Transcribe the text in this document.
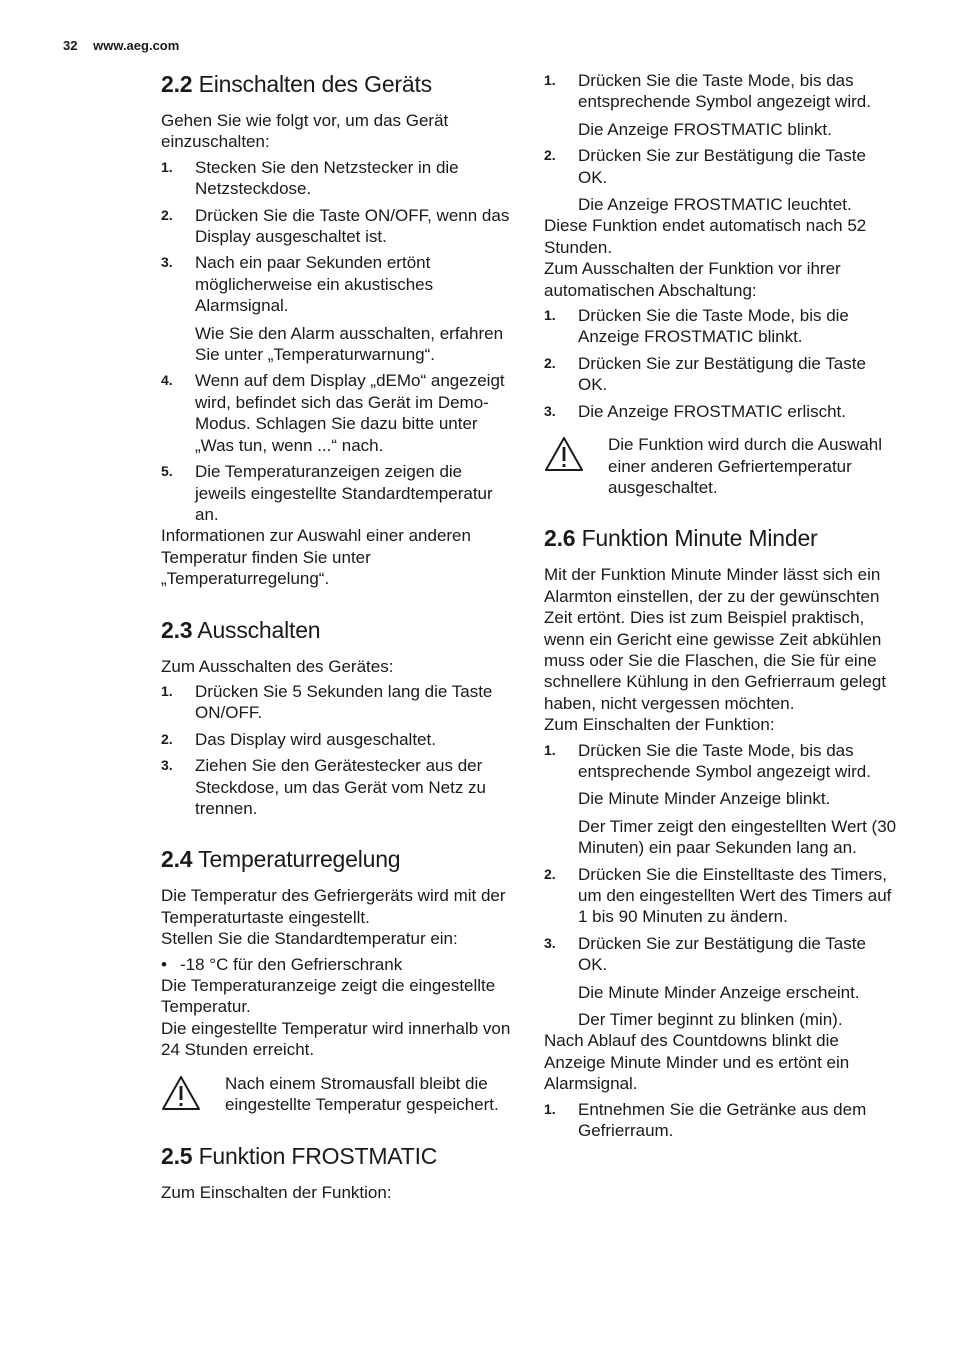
32 www.aeg.com
2.2 Einschalten des Geräts

Gehen Sie wie folgt vor, um das Gerät einzuschalten:

1.	Stecken Sie den Netzstecker in die Netzsteckdose.
2.	Drücken Sie die Taste ON/OFF, wenn das Display ausgeschaltet ist.
3.	Nach ein paar Sekunden ertönt möglicherweise ein akustisches Alarmsignal.
Wie Sie den Alarm ausschalten, erfahren Sie unter „Temperaturwarnung“.
4.	Wenn auf dem Display „dEMo“ angezeigt wird, befindet sich das Gerät im Demo-Modus. Schlagen Sie dazu bitte unter „Was tun, wenn ...“ nach.
5.	Die Temperaturanzeigen zeigen die jeweils eingestellte Standardtemperatur an.

Informationen zur Auswahl einer anderen Temperatur finden Sie unter „Temperaturregelung“.

2.3 Ausschalten

Zum Ausschalten des Gerätes:

1.	Drücken Sie 5 Sekunden lang die Taste ON/OFF.
2.	Das Display wird ausgeschaltet.
3.	Ziehen Sie den Gerätestecker aus der Steckdose, um das Gerät vom Netz zu trennen.
2.4 Temperaturregelung

Die Temperatur des Gefriergeräts wird mit der Temperaturtaste eingestellt.

Stellen Sie die Standardtemperatur ein:

• -18 °C für den Gefrierschrank

Die Temperaturanzeige zeigt die eingestellte Temperatur.

Die eingestellte Temperatur wird innerhalb von 24 Stunden erreicht.

Nach einem Stromausfall bleibt die eingestellte Temperatur gespeichert.
2.5 Funktion FROSTMATIC

Zum Einschalten der Funktion:

1.	Drücken Sie die Taste Mode, bis das entsprechende Symbol angezeigt wird.
Die Anzeige FROSTMATIC blinkt.
2.	Drücken Sie zur Bestätigung die Taste OK.
Die Anzeige FROSTMATIC leuchtet.

Diese Funktion endet automatisch nach 52 Stunden.

Zum Ausschalten der Funktion vor ihrer automatischen Abschaltung:

1.	Drücken Sie die Taste Mode, bis die Anzeige FROSTMATIC blinkt.
2.	Drücken Sie zur Bestätigung die Taste OK.
3.	Die Anzeige FROSTMATIC erlischt.
Die Funktion wird durch die Auswahl einer anderen Gefriertemperatur ausgeschaltet.
2.6 Funktion Minute Minder

Mit der Funktion Minute Minder lässt sich ein Alarmton einstellen, der zu der gewünschten Zeit ertönt. Dies ist zum Beispiel praktisch, wenn ein Gericht eine gewisse Zeit abkühlen muss oder Sie die Flaschen, die Sie für eine schnellere Kühlung in den Gefrierraum gelegt haben, nicht vergessen möchten.

Zum Einschalten der Funktion:

1.	Drücken Sie die Taste Mode, bis das entsprechende Symbol angezeigt wird.
Die Minute Minder Anzeige blinkt.
Der Timer zeigt den eingestellten Wert (30 Minuten) ein paar Sekunden lang an.
2.	Drücken Sie die Einstelltaste des Timers, um den eingestellten Wert des Timers auf 1 bis 90 Minuten zu ändern.
3.	Drücken Sie zur Bestätigung die Taste OK.
Die Minute Minder Anzeige erscheint.
Der Timer beginnt zu blinken (min).

Nach Ablauf des Countdowns blinkt die Anzeige Minute Minder und es ertönt ein Alarmsignal.

1.	Entnehmen Sie die Getränke aus dem Gefrierraum.
